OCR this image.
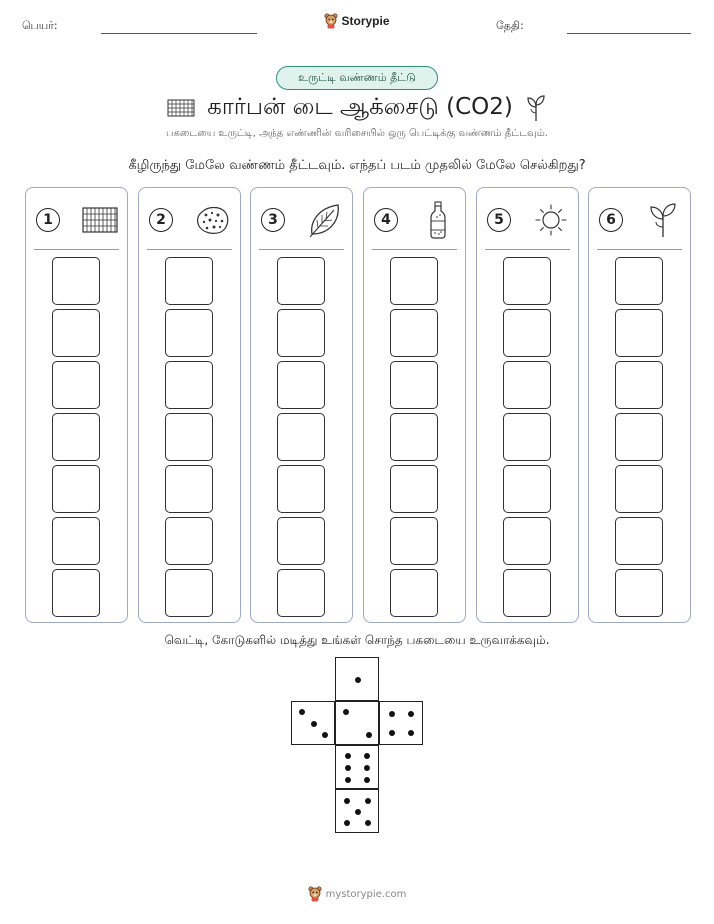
பெயர்:	Storypie	தேதி:
உருட்டி வண்ணம் தீட்டு
கார்பன் டை ஆக்சைடு (CO2)
பகடையை உருட்டி, அந்த எண்ணின் வரிசையில் ஒரு பெட்டிக்கு வண்ணம் தீட்டவும்.
கீழிருந்து மேலே வண்ணம் தீட்டவும். எந்தப் படம் முதலில் மேலே செல்கிறது?
1	2	3	4	5	6
வெட்டி, கோடுகளில் மடித்து உங்கள் சொந்த பகடையை உருவாக்கவும்.
mystorypie.com
